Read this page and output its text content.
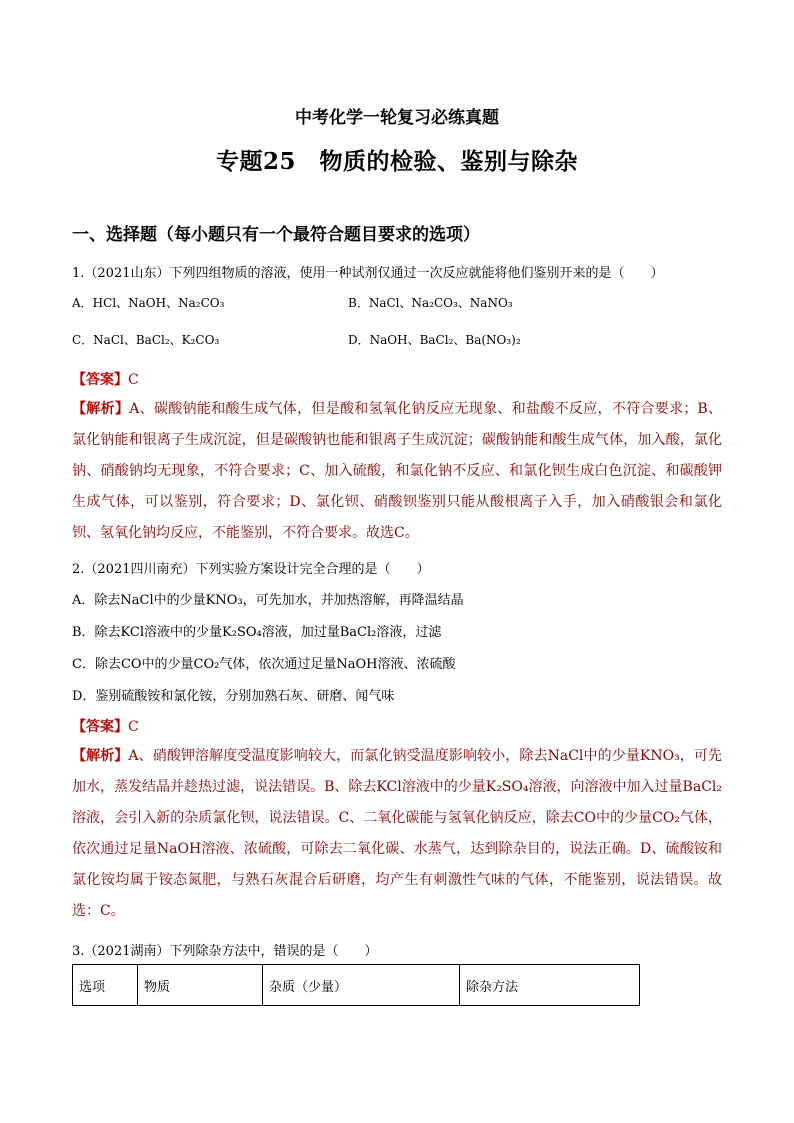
中考化学一轮复习必练真题
专题25　物质的检验、鉴别与除杂
一、选择题（每小题只有一个最符合题目要求的选项）
1.（2021山东）下列四组物质的溶液，使用一种试剂仅通过一次反应就能将他们鉴别开来的是（　　）
A．HCl、NaOH、Na₂CO₃	B．NaCl、Na₂CO₃、NaNO₃
C．NaCl、BaCl₂、K₂CO₃	D．NaOH、BaCl₂、Ba(NO₃)₂
【答案】C

【解析】A、碳酸钠能和酸生成气体，但是酸和氢氧化钠反应无现象、和盐酸不反应，不符合要求；B、氯化钠能和银离子生成沉淀，但是碳酸钠也能和银离子生成沉淀；碳酸钠能和酸生成气体，加入酸，氯化钠、硝酸钠均无现象，不符合要求；C、加入硫酸，和氯化钠不反应、和氯化钡生成白色沉淀、和碳酸钾生成气体，可以鉴别，符合要求；D、氯化钡、硝酸钡鉴别只能从酸根离子入手，加入硝酸银会和氯化钡、氢氧化钠均反应，不能鉴别，不符合要求。故选C。

2.（2021四川南充）下列实验方案设计完全合理的是（　　）
A．除去NaCl中的少量KNO₃，可先加水，并加热溶解，再降温结晶
B．除去KCl溶液中的少量K₂SO₄溶液，加过量BaCl₂溶液，过滤
C．除去CO中的少量CO₂气体，依次通过足量NaOH溶液、浓硫酸
D．鉴别硫酸铵和氯化铵，分别加熟石灰、研磨、闻气味
【答案】C

【解析】A、硝酸钾溶解度受温度影响较大，而氯化钠受温度影响较小，除去NaCl中的少量KNO₃，可先加水，蒸发结晶并趁热过滤，说法错误。B、除去KCl溶液中的少量K₂SO₄溶液，向溶液中加入过量BaCl₂溶液，会引入新的杂质氯化钡，说法错误。C、二氧化碳能与氢氧化钠反应，除去CO中的少量CO₂气体，依次通过足量NaOH溶液、浓硫酸，可除去二氧化碳、水蒸气，达到除杂目的，说法正确。D、硫酸铵和氯化铵均属于铵态氮肥，与熟石灰混合后研磨，均产生有刺激性气味的气体，不能鉴别，说法错误。故选：C。

3.（2021湖南）下列除杂方法中，错误的是（　　）
选项	物质	杂质（少量）	除杂方法
